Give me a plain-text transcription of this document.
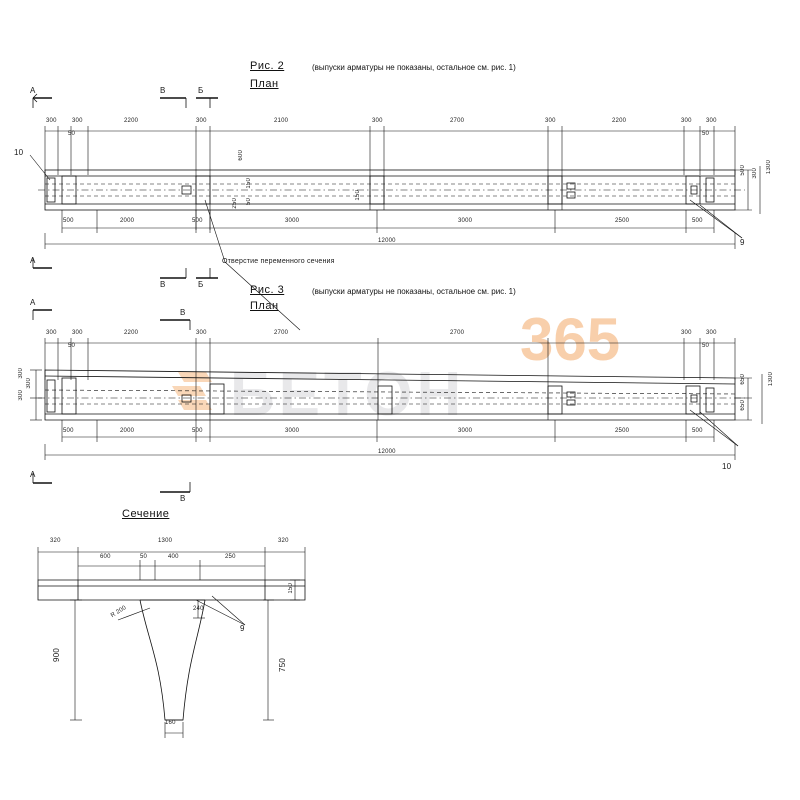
365
БЕТОН
Рис. 2	(выпуски арматуры не показаны, остальное см. рис. 1)
План
A	B	Б
A
B	Б
300	300	2200	300	2100	300	2700	300	2200	300 300
50	50
600
150
250 50
150
500	2000	500	3000	3000	2500	500
12000
500 300 1300
10
9
Отверстие переменного сечения
Рис. 3	(выпуски арматуры не показаны, остальное см. рис. 1)
План
A
B
A
B
300	300	2200	300	2700	2700	300 300
50	50
300
300
300
500	2000	500	3000	3000	2500	500
12000
650
650
1300
10
Сечение
320	1300	320
600	50	400	250
150
240
9
R 200
900
750
160
